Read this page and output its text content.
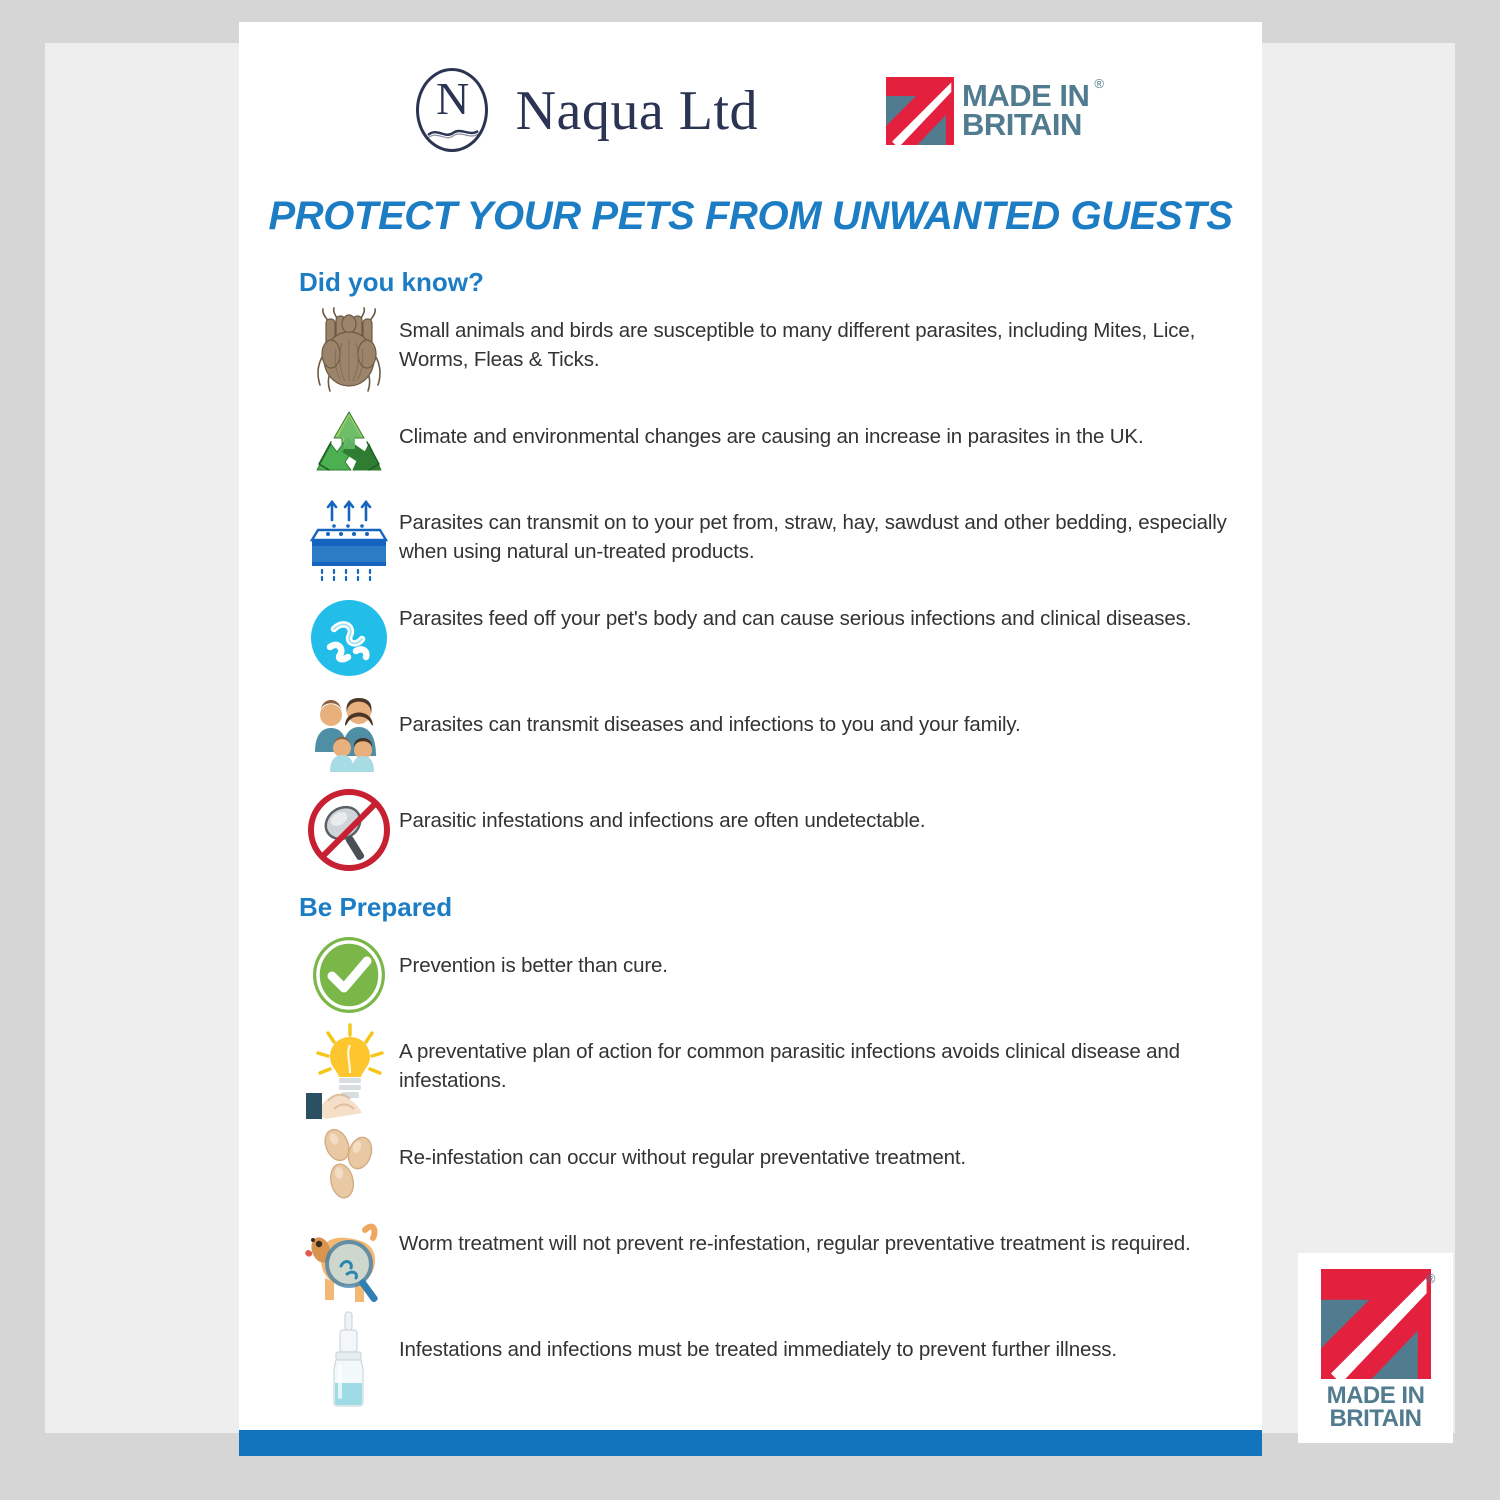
N Naqua Ltd	MADE IN
BRITAIN
®
PROTECT YOUR PETS FROM UNWANTED GUESTS
Did you know?
Small animals and birds are susceptible to many different parasites, including Mites, Lice, Worms, Fleas & Ticks.
Climate and environmental changes are causing an increase in parasites in the UK.
Parasites can transmit on to your pet from, straw, hay, sawdust and other bedding, especially when using natural un-treated products.
Parasites feed off your pet's body and can cause serious infections and clinical diseases.
Parasites can transmit diseases and infections to you and your family.
Parasitic infestations and infections are often undetectable.
Be Prepared
Prevention is better than cure.
A preventative plan of action for common parasitic infections avoids clinical disease and infestations.
Re-infestation can occur without regular preventative treatment.
Worm treatment will not prevent re-infestation, regular preventative treatment is required.
Infestations and infections must be treated immediately to prevent further illness.
®
MADE IN
BRITAIN
